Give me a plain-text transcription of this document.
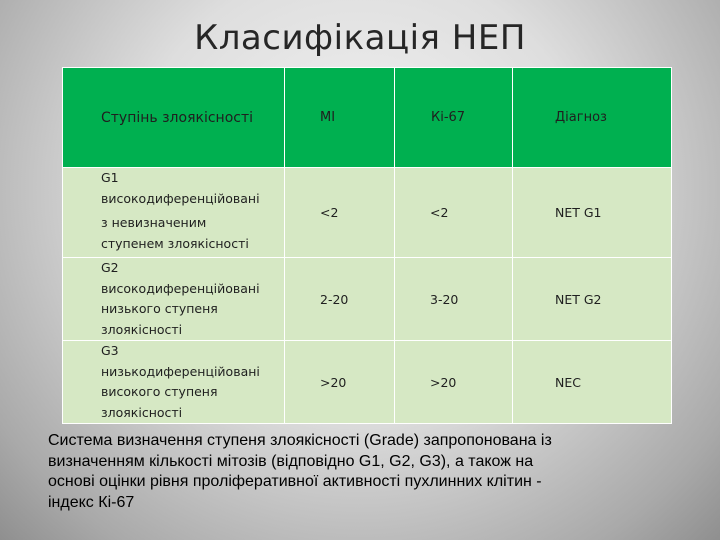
Класифікація НЕП
Ступінь злоякісності	MI	Кі-67	Діагноз

G1
високодиференційовані
з невизначеним
ступенем злоякісності	<2	<2	NET G1

G2
високодиференційовані
низького ступеня
злоякісності	2-20	3-20	NET G2

G3
низькодиференційовані
високого ступеня
злоякісності	>20	>20	NEC
Система визначення ступеня злоякісності (Grade) запропонована із
визначенням кількості мітозів (відповідно G1, G2, G3), а також на
основі оцінки рівня проліферативної активності пухлинних клітин -
індекс Кі-67
